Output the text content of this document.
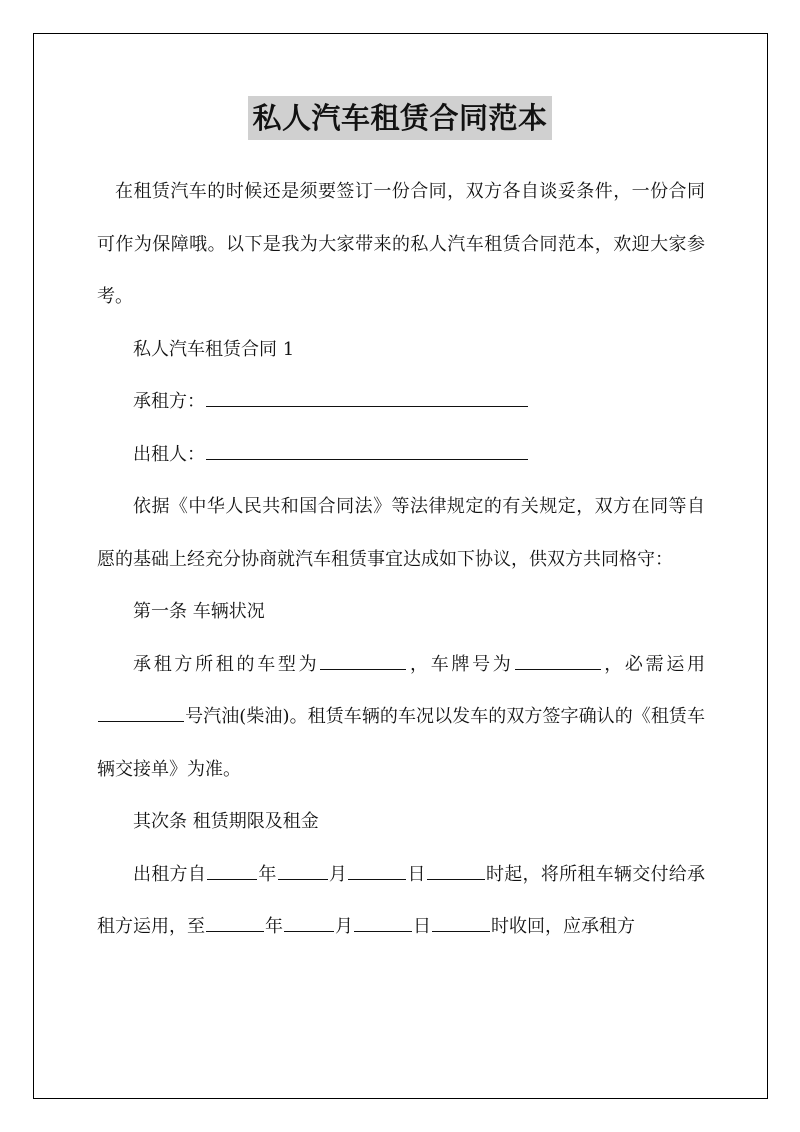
私人汽车租赁合同范本

在租赁汽车的时候还是须要签订一份合同，双方各自谈妥条件，一份合同可作为保障哦。以下是我为大家带来的私人汽车租赁合同范本，欢迎大家参考。

私人汽车租赁合同 1

承租方：

出租人：

依据《中华人民共和国合同法》等法律规定的有关规定，双方在同等自愿的基础上经充分协商就汽车租赁事宜达成如下协议，供双方共同格守：

第一条 车辆状况

承租方所租的车型为	，车牌号为	，必需运用号汽油(柴油)。租赁车辆的车况以发车的双方签字确认的《租赁车辆交接单》为准。

其次条 租赁期限及租金

出租方自	年	月	日	时起，将所租车辆交付给承租方运用，至	年	月	日	时收回，应承租方
